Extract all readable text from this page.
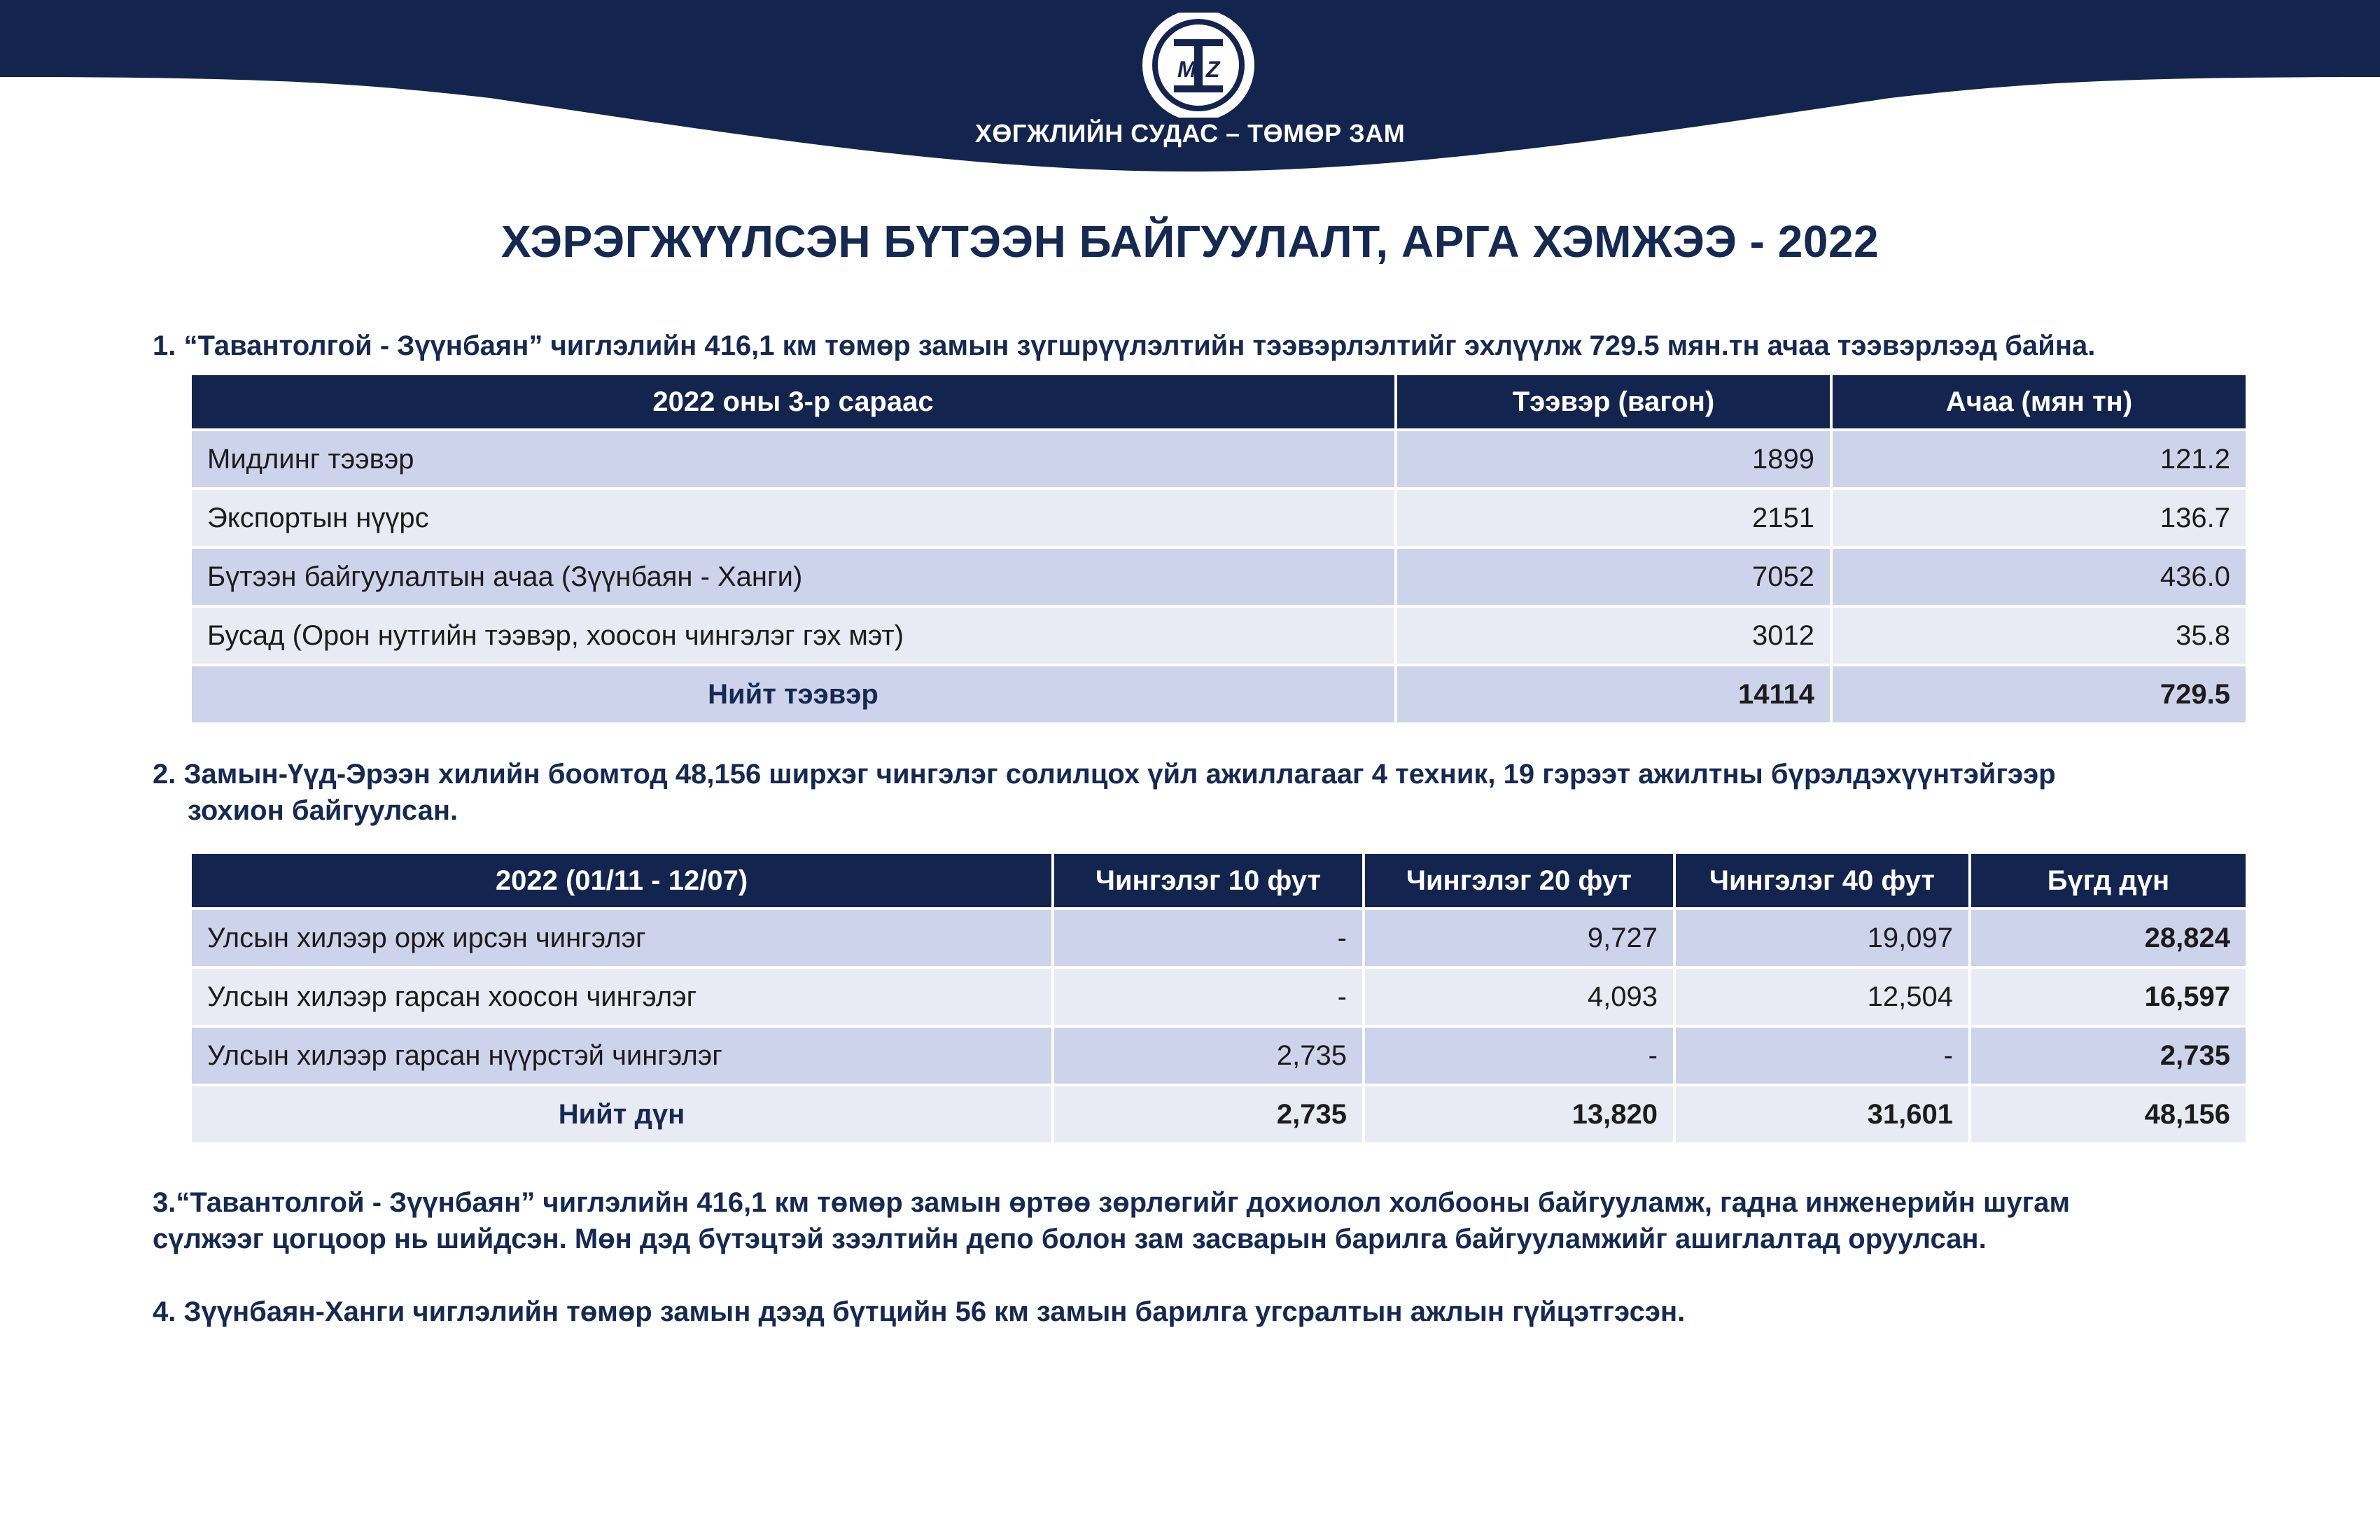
M Z
ХӨГЖЛИЙН СУДАС – ТӨМӨР ЗАМ
ХЭРЭГЖҮҮЛСЭН БҮТЭЭН БАЙГУУЛАЛТ, АРГА ХЭМЖЭЭ - 2022
1. “Тавантолгой - Зүүнбаян” чиглэлийн 416,1 км төмөр замын зүгшрүүлэлтийн тээвэрлэлтийг эхлүүлж 729.5 мян.тн ачаа тээвэрлээд байна.
2022 оны 3-р сараас	Тээвэр (вагон)	Ачаа (мян тн)
Мидлинг тээвэр	1899	121.2
Экспортын нүүрс	2151	136.7
Бүтээн байгуулалтын ачаа (Зүүнбаян - Ханги)	7052	436.0
Бусад (Орон нутгийн тээвэр, хоосон чингэлэг гэх мэт)	3012	35.8
Нийт тээвэр	14114	729.5
2. Замын-Үүд-Эрээн хилийн боомтод 48,156 ширхэг чингэлэг солилцох үйл ажиллагааг 4 техник, 19 гэрээт ажилтны бүрэлдэхүүнтэйгээр
зохион байгуулсан.
2022 (01/11 - 12/07)	Чингэлэг 10 фут	Чингэлэг 20 фут	Чингэлэг 40 фут	Бүгд дүн
Улсын хилээр орж ирсэн чингэлэг	-	9,727	19,097	28,824
Улсын хилээр гарсан хоосон чингэлэг	-	4,093	12,504	16,597
Улсын хилээр гарсан нүүрстэй чингэлэг	2,735	-	-	2,735
Нийт дүн	2,735	13,820	31,601	48,156
3.“Тавантолгой - Зүүнбаян” чиглэлийн 416,1 км төмөр замын өртөө зөрлөгийг дохиолол холбооны байгууламж, гадна инженерийн шугам
сүлжээг цогцоор нь шийдсэн. Мөн дэд бүтэцтэй зээлтийн депо болон зам засварын барилга байгууламжийг ашиглалтад оруулсан.
4. Зүүнбаян-Ханги чиглэлийн төмөр замын дээд бүтцийн 56 км замын барилга угсралтын ажлын гүйцэтгэсэн.
